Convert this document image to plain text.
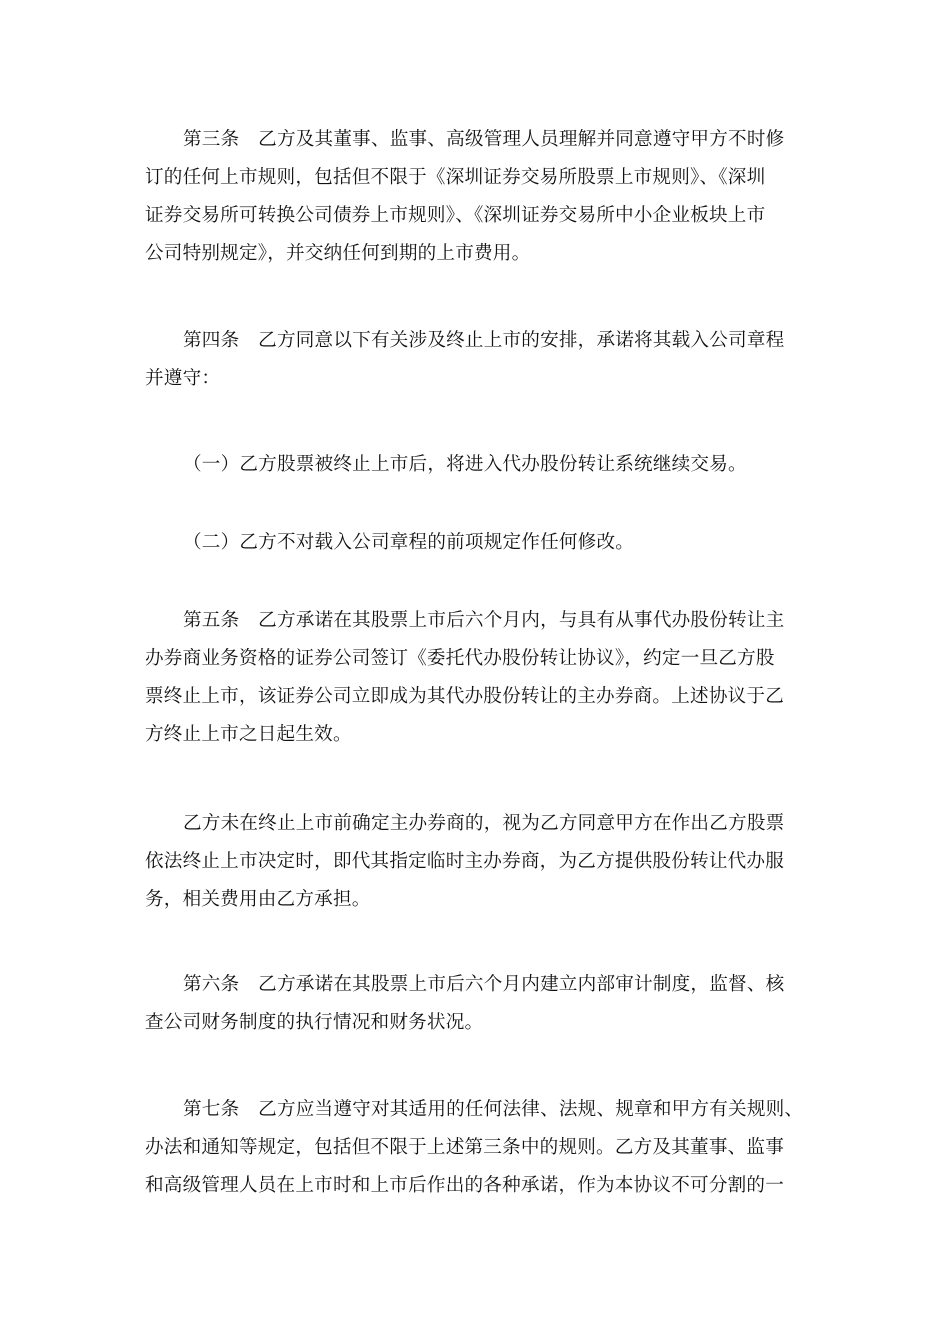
第三条　乙方及其董事、监事、高级管理人员理解并同意遵守甲方不时修
订的任何上市规则，包括但不限于《深圳证券交易所股票上市规则》、《深圳
证券交易所可转换公司债券上市规则》、《深圳证券交易所中小企业板块上市
公司特别规定》，并交纳任何到期的上市费用。
第四条　乙方同意以下有关涉及终止上市的安排，承诺将其载入公司章程
并遵守：
（一）乙方股票被终止上市后，将进入代办股份转让系统继续交易。
（二）乙方不对载入公司章程的前项规定作任何修改。
第五条　乙方承诺在其股票上市后六个月内，与具有从事代办股份转让主
办券商业务资格的证券公司签订《委托代办股份转让协议》，约定一旦乙方股
票终止上市，该证券公司立即成为其代办股份转让的主办券商。上述协议于乙
方终止上市之日起生效。
乙方未在终止上市前确定主办券商的，视为乙方同意甲方在作出乙方股票
依法终止上市决定时，即代其指定临时主办券商，为乙方提供股份转让代办服
务，相关费用由乙方承担。
第六条　乙方承诺在其股票上市后六个月内建立内部审计制度，监督、核
查公司财务制度的执行情况和财务状况。
第七条　乙方应当遵守对其适用的任何法律、法规、规章和甲方有关规则、
办法和通知等规定，包括但不限于上述第三条中的规则。乙方及其董事、监事
和高级管理人员在上市时和上市后作出的各种承诺，作为本协议不可分割的一
